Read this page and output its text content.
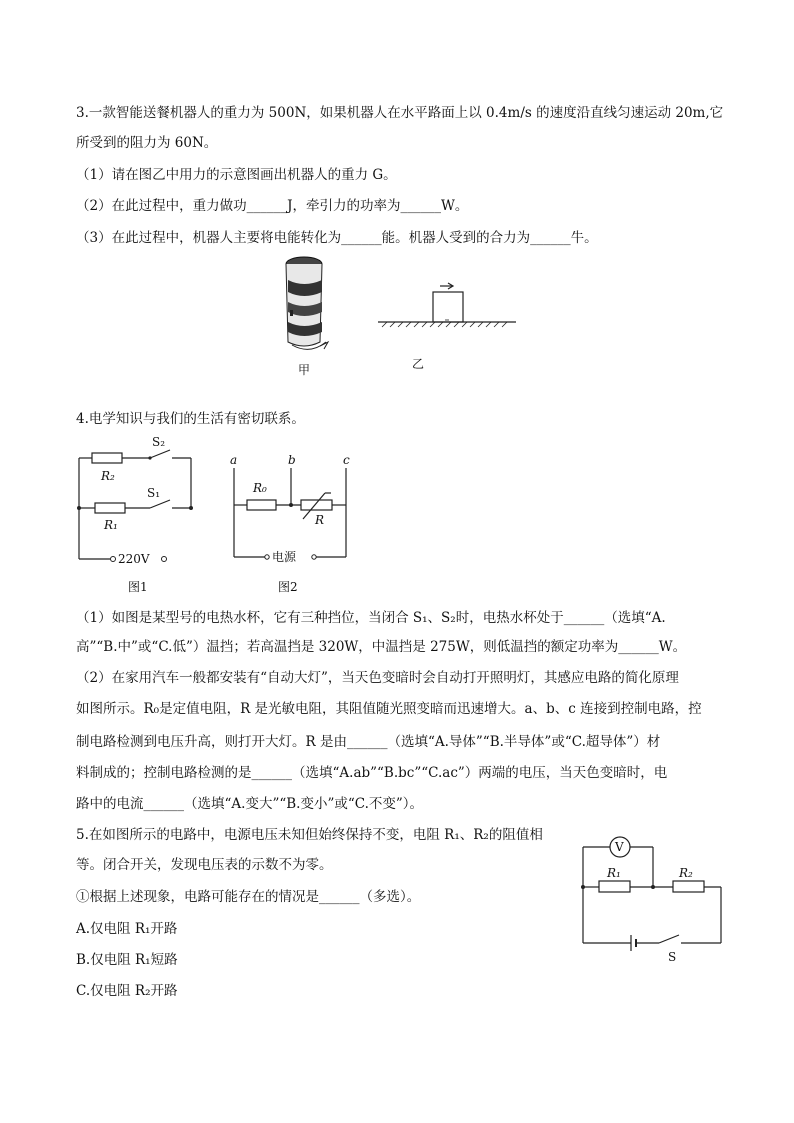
3.一款智能送餐机器人的重力为 500N，如果机器人在水平路面上以 0.4m/s 的速度沿直线匀速运动 20m,它
所受到的阻力为 60N。
（1）请在图乙中用力的示意图画出机器人的重力 G。
（2）在此过程中，重力做功______J，牵引力的功率为______W。
（3）在此过程中，机器人主要将电能转化为______能。机器人受到的合力为______牛。
甲	乙
4.电学知识与我们的生活有密切联系。
R₂
S₂
R₁
S₁
220V
图1
a	b	c
R₀
R
电源
图2
（1）如图是某型号的电热水杯，它有三种挡位，当闭合 S₁、S₂时，电热水杯处于______（选填“A.
高”“B.中”或“C.低”）温挡；若高温挡是 320W，中温挡是 275W，则低温挡的额定功率为______W。
（2）在家用汽车一般都安装有“自动大灯”，当天色变暗时会自动打开照明灯，其感应电路的简化原理
如图所示。R₀是定值电阻，R 是光敏电阻，其阻值随光照变暗而迅速增大。a、b、c 连接到控制电路，控
制电路检测到电压升高，则打开大灯。R 是由______（选填“A.导体”“B.半导体”或“C.超导体”）材
料制成的；控制电路检测的是______（选填“A.ab”“B.bc”“C.ac”）两端的电压，当天色变暗时，电
路中的电流______（选填“A.变大”“B.变小”或“C.不变”）。
5.在如图所示的电路中，电源电压未知但始终保持不变，电阻 R₁、R₂的阻值相
等。闭合开关，发现电压表的示数不为零。
①根据上述现象，电路可能存在的情况是______（多选）。
A.仅电阻 R₁开路
B.仅电阻 R₁短路
C.仅电阻 R₂开路
V
R₁	R₂
S
